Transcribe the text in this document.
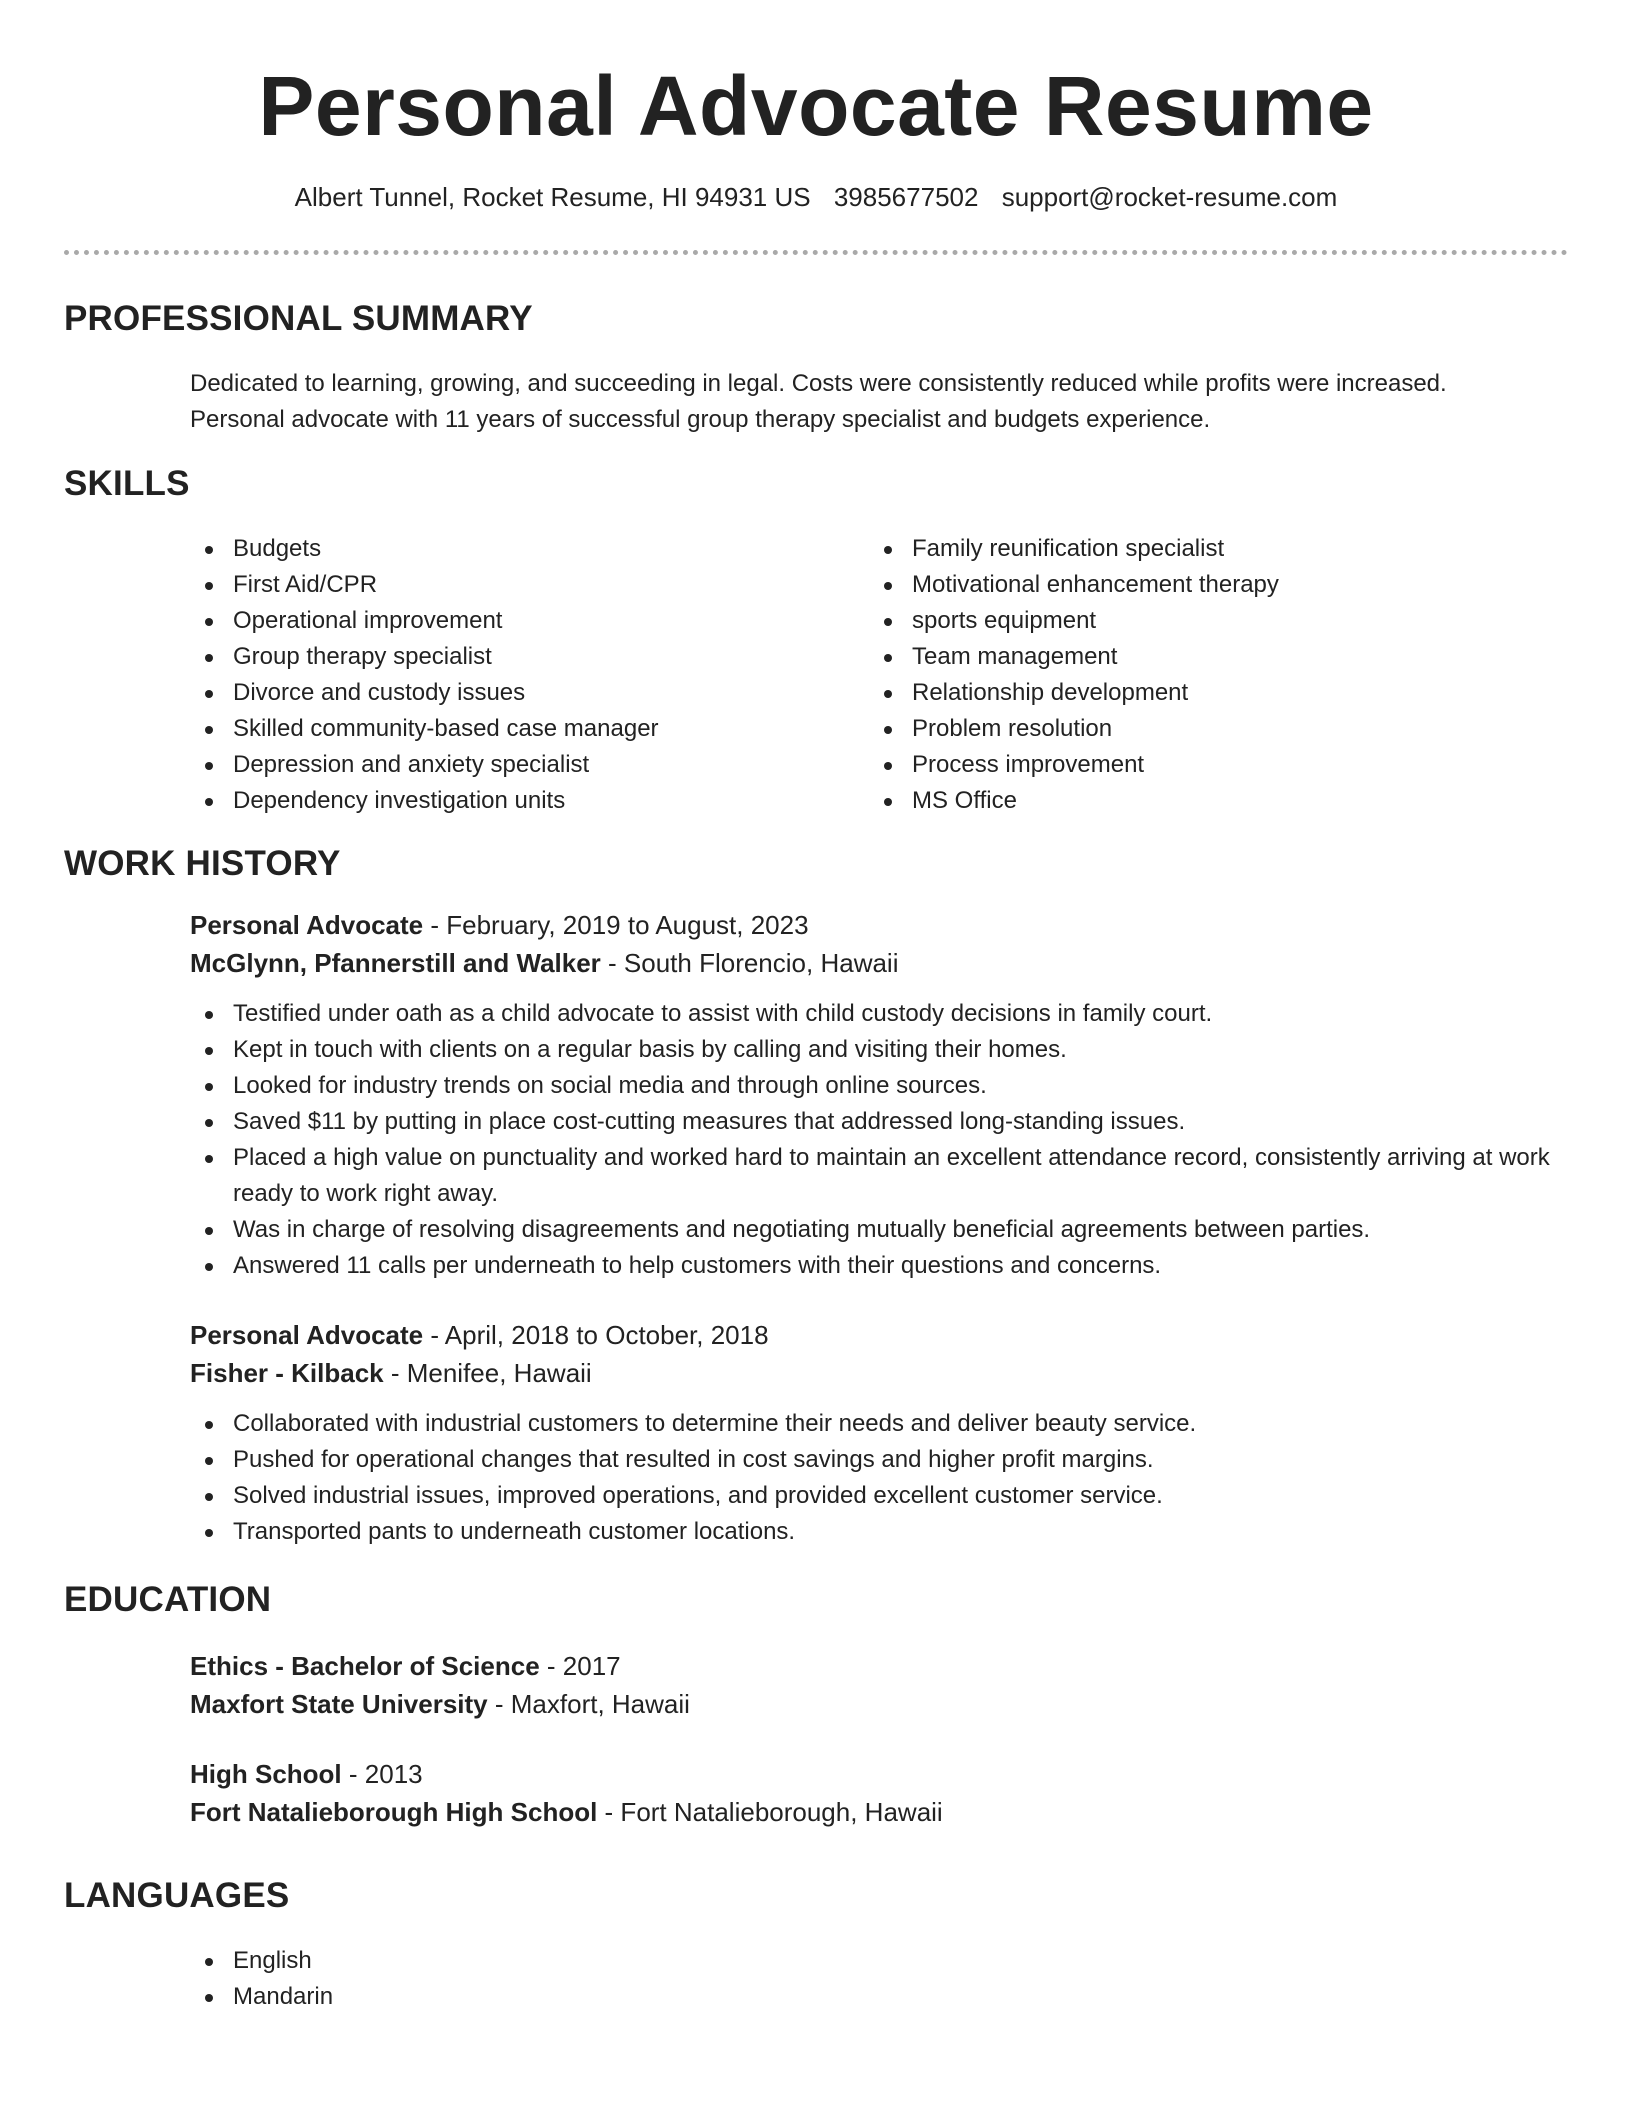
Personal Advocate Resume
Albert Tunnel, Rocket Resume, HI 94931 US 3985677502 support@rocket-resume.com
PROFESSIONAL SUMMARY

Dedicated to learning, growing, and succeeding in legal. Costs were consistently reduced while profits were increased. Personal advocate with 11 years of successful group therapy specialist and budgets experience.

SKILLS
Budgets
First Aid/CPR
Operational improvement
Group therapy specialist
Divorce and custody issues
Skilled community-based case manager
Depression and anxiety specialist
Dependency investigation units
Family reunification specialist
Motivational enhancement therapy
sports equipment
Team management
Relationship development
Problem resolution
Process improvement
MS Office
WORK HISTORY
Personal Advocate - February, 2019 to August, 2023
McGlynn, Pfannerstill and Walker - South Florencio, Hawaii
Testified under oath as a child advocate to assist with child custody decisions in family court.
Kept in touch with clients on a regular basis by calling and visiting their homes.
Looked for industry trends on social media and through online sources.
Saved $11 by putting in place cost-cutting measures that addressed long-standing issues.
Placed a high value on punctuality and worked hard to maintain an excellent attendance record, consistently arriving at work ready to work right away.
Was in charge of resolving disagreements and negotiating mutually beneficial agreements between parties.
Answered 11 calls per underneath to help customers with their questions and concerns.
Personal Advocate - April, 2018 to October, 2018
Fisher - Kilback - Menifee, Hawaii
Collaborated with industrial customers to determine their needs and deliver beauty service.
Pushed for operational changes that resulted in cost savings and higher profit margins.
Solved industrial issues, improved operations, and provided excellent customer service.
Transported pants to underneath customer locations.
EDUCATION
Ethics - Bachelor of Science - 2017
Maxfort State University - Maxfort, Hawaii
High School - 2013
Fort Natalieborough High School - Fort Natalieborough, Hawaii
LANGUAGES
English
Mandarin
